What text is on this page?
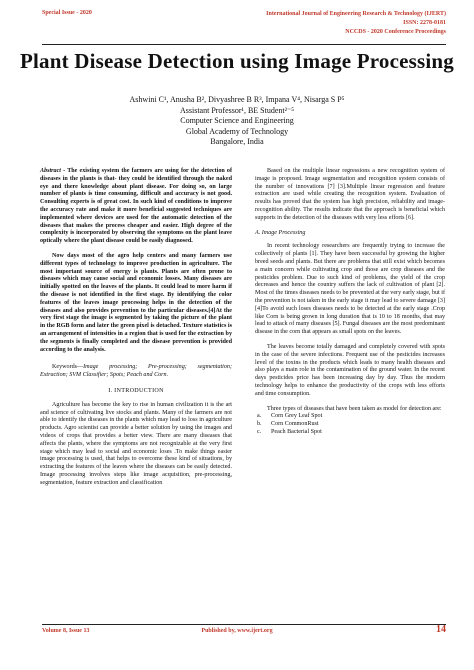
Special Issue - 2020	International Journal of Engineering Research & Technology (IJERT)
ISSN: 2278-0181
NCCDS - 2020 Conference Proceedings
Plant Disease Detection using Image Processing
Ashwini C¹, Anusha B², Divyashree B R³, Impana V⁴, Nisarga S P⁵
Assistant Professor¹, BE Student²⁻⁵
Computer Science and Engineering
Global Academy of Technology
Bangalore, India
Abstract - The existing system the farmers are using for the detection of diseases in the plants is that- they could be identified through the naked eye and there knowledge about plant disease. For doing so, on large number of plants is time consuming, difficult and accuracy is not good. Consulting experts is of great cost. In such kind of conditions to improve the accuracy rate and make it more beneficial suggested techniques are implemented where devices are used for the automatic detection of the diseases that makes the process cheaper and easier. High degree of the complexity is incorporated by observing the symptoms on the plant leave optically where the plant disease could be easily diagnosed.
Now days most of the agro help centers and many farmers use different types of technology to improve production in agriculture. The most important source of energy is plants. Plants are often prone to diseases which may cause social and economic losses. Many diseases are initially spotted on the leaves of the plants. It could lead to more harm if the disease is not identified in the first stage. By identifying the color features of the leaves image processing helps in the detection of the diseases and also provides prevention to the particular diseases.[4]At the very first stage the image is segmented by taking the picture of the plant in the RGB form and later the green pixel is detached. Texture statistics is an arrangement of intensities in a region that is used for the extraction by the segments is finally completed and the disease prevention is provided according to the analysis.
Keywords—Image processing; Pre-processing; segmentation; Extraction; SVM Classifier; Spots; Peach and Corn.
I. INTRODUCTION
Agriculture has become the key to rise in human civilization it is the art and science of cultivating live stocks and plants. Many of the farmers are not able to identify the diseases in the plants which may lead to loss in agriculture products. Agro scientist can provide a better solution by using the images and videos of crops that provides a better view. There are many diseases that affects the plants, where the symptoms are not recognizable at the very first stage which may lead to social and economic loses .To make things easier image processing is used, that helps to overcome these kind of situations, by extracting the features of the leaves where the diseases can be easily detected. Image processing involves steps like image acquisition, pre-processing, segmentation, feature extraction and classification
Based on the multiple linear regressions a new recognition system of image is proposed. Image segmentation and recognition system consists of the number of innovations [7] [3].Multiple linear regression and feature extraction are used while creating the recognition system. Evaluation of results has proved that the system has high precision, reliability and image-recognition ability. The results indicate that the approach is beneficial which supports in the detection of the diseases with very less efforts [6].
A. Image Processing
In recent technology researchers are frequently trying to increase the collectively of plants [1]. They have been successful by growing the higher breed seeds and plants. But there are problems that still exist which becomes a main concern while cultivating crop and those are crop diseases and the pesticides problem. Due to such kind of problems, the yield of the crop decreases and hence the country suffers the lack of cultivation of plant [2]. Most of the times diseases needs to be prevented at the very early stage, but if the prevention is not taken in the early stage it may lead to severe damage [3][4]To avoid such loses diseases needs to be detected at the early stage .Crop like Corn is being grown in long duration that is 10 to 18 months, that may lead to attack of many diseases [5]. Fungal diseases are the most predominant disease in the corn that appears as small spots on the leaves.
The leaves become totally damaged and completely covered with spots in the case of the severe infections. Frequent use of the pesticides increases level of the toxins in the products which leads to many health diseases and also plays a main role in the contamination of the ground water. In the recent days pesticides price has been increasing day by day. Thus the modern technology helps to enhance the productivity of the crops with less efforts and time consumption.
Three types of diseases that have been taken as model for detection are:
a.	Corn Grey Leaf Spot
b.	Corn CommonRust
c.	Peach Bacterial Spot
Volume 8, Issue 13	Published by, www.ijert.org	14
